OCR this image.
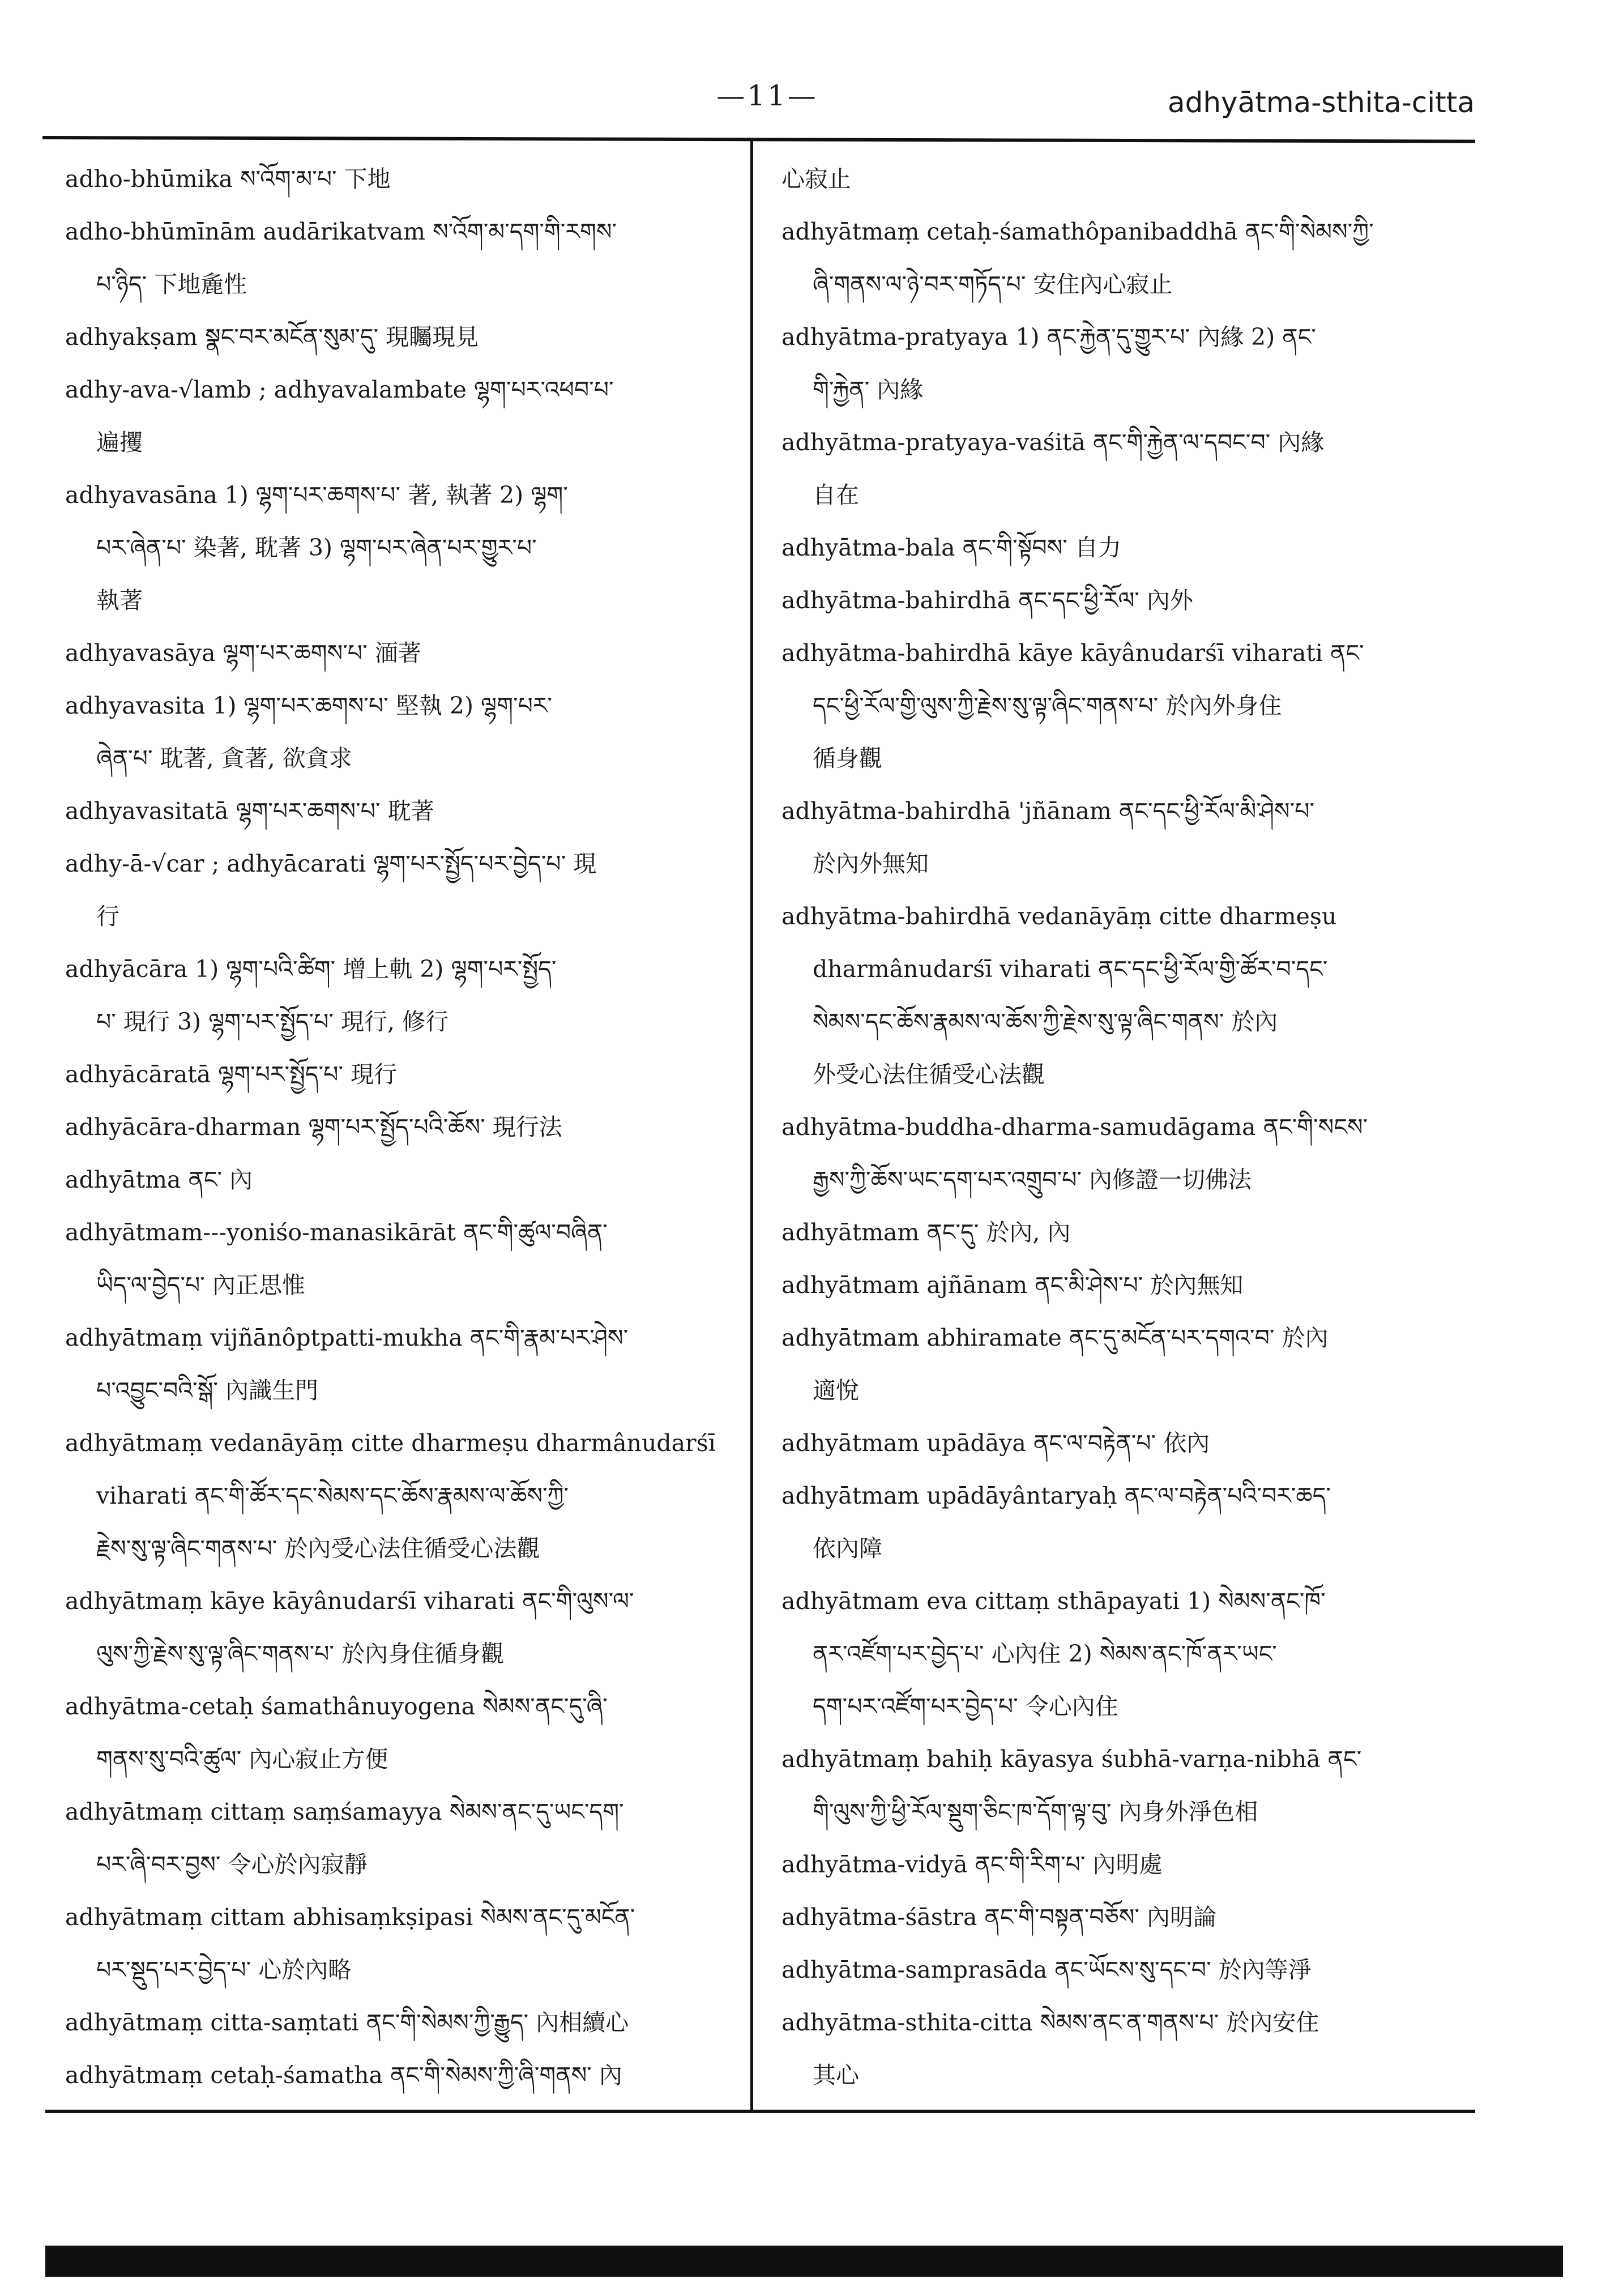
—11—	adhyātma-sthita-citta
adho-bhūmika ས་འོག་མ་པ་ 下地
adho-bhūmīnām audārikatvam ས་འོག་མ་དག་གི་རགས་
པ་ཉིད་ 下地麁性
adhyakṣam སྣང་བར་མངོན་སུམ་དུ་ 現矚現見
adhy-ava-√lamb ; adhyavalambate ལྷག་པར་འཕབ་པ་
遍攫
adhyavasāna 1) ལྷག་པར་ཆགས་པ་ 著, 執著 2) ལྷག་
པར་ཞེན་པ་ 染著, 耽著 3) ལྷག་པར་ཞེན་པར་གྱུར་པ་
執著
adhyavasāya ལྷག་པར་ཆགས་པ་ 湎著
adhyavasita 1) ལྷག་པར་ཆགས་པ་ 堅執 2) ལྷག་པར་
ཞེན་པ་ 耽著, 貪著, 欲貪求
adhyavasitatā ལྷག་པར་ཆགས་པ་ 耽著
adhy-ā-√car ; adhyācarati ལྷག་པར་སྤྱོད་པར་བྱེད་པ་ 現
行
adhyācāra 1) ལྷག་པའི་ཚིག་ 增上軌 2) ལྷག་པར་སྤྱོད་
པ་ 現行 3) ལྷག་པར་སྤྱོད་པ་ 現行, 修行
adhyācāratā ལྷག་པར་སྤྱོད་པ་ 現行
adhyācāra-dharman ལྷག་པར་སྤྱོད་པའི་ཆོས་ 現行法
adhyātma ནང་ 內
adhyātmam---yoniśo-manasikārāt ནང་གི་ཚུལ་བཞིན་
ཡིད་ལ་བྱེད་པ་ 內正思惟
adhyātmaṃ vijñānôptpatti-mukha ནང་གི་རྣམ་པར་ཤེས་
པ་འབྱུང་བའི་སྒོ་ 內識生門
adhyātmaṃ vedanāyāṃ citte dharmeṣu dharmânudarśī
viharati ནང་གི་ཚོར་དང་སེམས་དང་ཆོས་རྣམས་ལ་ཆོས་ཀྱི་
རྗེས་སུ་ལྟ་ཞིང་གནས་པ་ 於內受心法住循受心法觀
adhyātmaṃ kāye kāyânudarśī viharati ནང་གི་ལུས་ལ་
ལུས་ཀྱི་རྗེས་སུ་ལྟ་ཞིང་གནས་པ་ 於內身住循身觀
adhyātma-cetaḥ śamathânuyogena སེམས་ནང་དུ་ཞི་
གནས་སུ་བའི་ཚུལ་ 內心寂止方便
adhyātmaṃ cittaṃ saṃśamayya སེམས་ནང་དུ་ཡང་དག་
པར་ཞི་བར་བྱས་ 令心於內寂靜
adhyātmaṃ cittam abhisaṃkṣipasi སེམས་ནང་དུ་མངོན་
པར་སྡུད་པར་བྱེད་པ་ 心於內略
adhyātmaṃ citta-saṃtati ནང་གི་སེམས་ཀྱི་རྒྱུད་ 內相續心
adhyātmaṃ cetaḥ-śamatha ནང་གི་སེམས་ཀྱི་ཞི་གནས་ 內
心寂止
adhyātmaṃ cetaḥ-śamathôpanibaddhā ནང་གི་སེམས་ཀྱི་
ཞི་གནས་ལ་ཉེ་བར་གཏོད་པ་ 安住內心寂止
adhyātma-pratyaya 1) ནང་རྐྱེན་དུ་གྱུར་པ་ 內緣 2) ནང་
གི་རྐྱེན་ 內緣
adhyātma-pratyaya-vaśitā ནང་གི་རྐྱེན་ལ་དབང་བ་ 內緣
自在
adhyātma-bala ནང་གི་སྟོབས་ 自力
adhyātma-bahirdhā ནང་དང་ཕྱི་རོལ་ 內外
adhyātma-bahirdhā kāye kāyânudarśī viharati ནང་
དང་ཕྱི་རོལ་གྱི་ལུས་ཀྱི་རྗེས་སུ་ལྟ་ཞིང་གནས་པ་ 於內外身住
循身觀
adhyātma-bahirdhā 'jñānam ནང་དང་ཕྱི་རོལ་མི་ཤེས་པ་
於內外無知
adhyātma-bahirdhā vedanāyāṃ citte dharmeṣu
dharmânudarśī viharati ནང་དང་ཕྱི་རོལ་གྱི་ཚོར་བ་དང་
སེམས་དང་ཆོས་རྣམས་ལ་ཆོས་ཀྱི་རྗེས་སུ་ལྟ་ཞིང་གནས་ 於內
外受心法住循受心法觀
adhyātma-buddha-dharma-samudāgama ནང་གི་སངས་
རྒྱས་ཀྱི་ཆོས་ཡང་དག་པར་འགྲུབ་པ་ 內修證一切佛法
adhyātmam ནང་དུ་ 於內, 內
adhyātmam ajñānam ནང་མི་ཤེས་པ་ 於內無知
adhyātmam abhiramate ནང་དུ་མངོན་པར་དགའ་བ་ 於內
適悅
adhyātmam upādāya ནང་ལ་བརྟེན་པ་ 依內
adhyātmam upādāyântaryaḥ ནང་ལ་བརྟེན་པའི་བར་ཆད་
依內障
adhyātmam eva cittaṃ sthāpayati 1) སེམས་ནང་ཁོ་
ནར་འཛོག་པར་བྱེད་པ་ 心內住 2) སེམས་ནང་ཁོ་ནར་ཡང་
དག་པར་འཛོག་པར་བྱེད་པ་ 令心內住
adhyātmaṃ bahiḥ kāyasya śubhā-varṇa-nibhā ནང་
གི་ལུས་ཀྱི་ཕྱི་རོལ་སྡུག་ཅིང་ཁ་དོག་ལྟ་བུ་ 內身外淨色相
adhyātma-vidyā ནང་གི་རིག་པ་ 內明處
adhyātma-śāstra ནང་གི་བསྟན་བཅོས་ 內明論
adhyātma-samprasāda ནང་ཡོངས་སུ་དང་བ་ 於內等淨
adhyātma-sthita-citta སེམས་ནང་ན་གནས་པ་ 於內安住
其心
